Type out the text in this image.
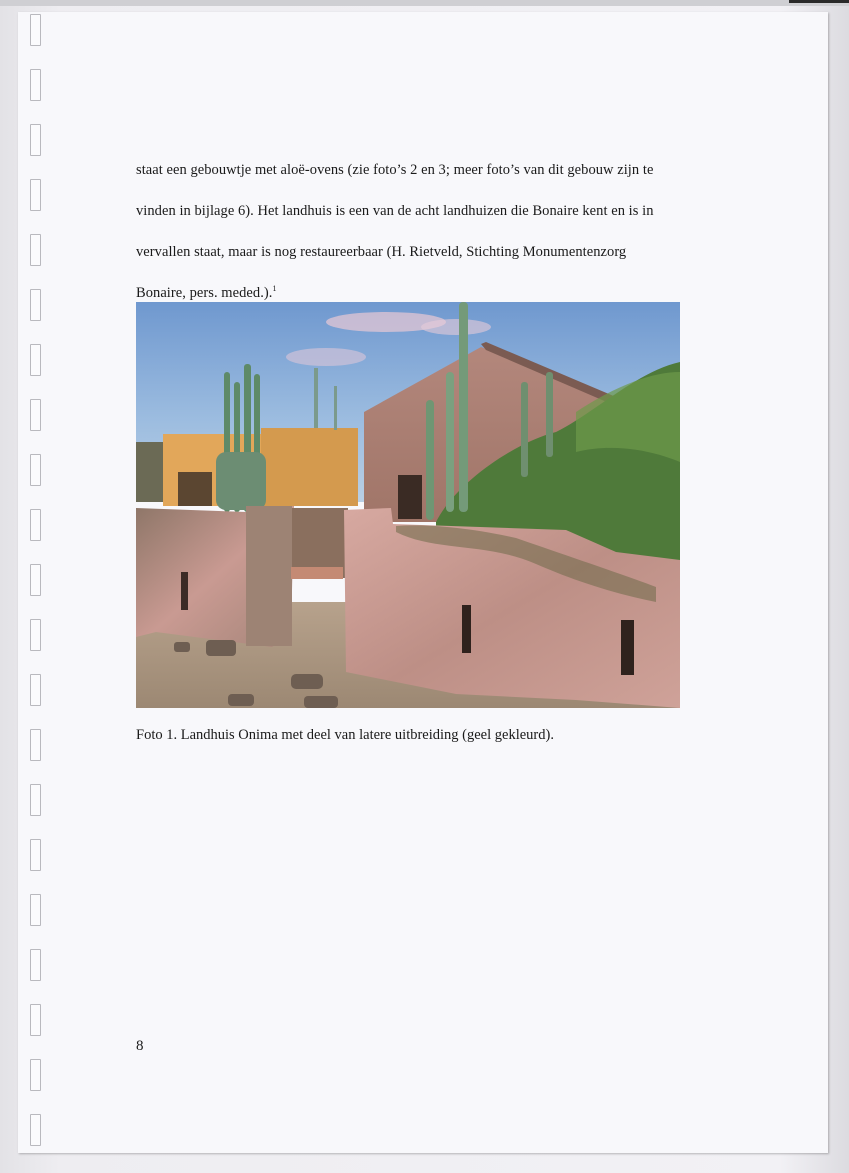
staat een gebouwtje met aloë-ovens (zie foto’s 2 en 3; meer foto’s van dit gebouw zijn te

vinden in bijlage 6). Het landhuis is een van de acht landhuizen die Bonaire kent en is in

vervallen staat, maar is nog restaureerbaar (H. Rietveld, Stichting Monumentenzorg

Bonaire, pers. meded.).$^1$

Foto 1. Landhuis Onima met deel van latere uitbreiding (geel gekleurd).
8
